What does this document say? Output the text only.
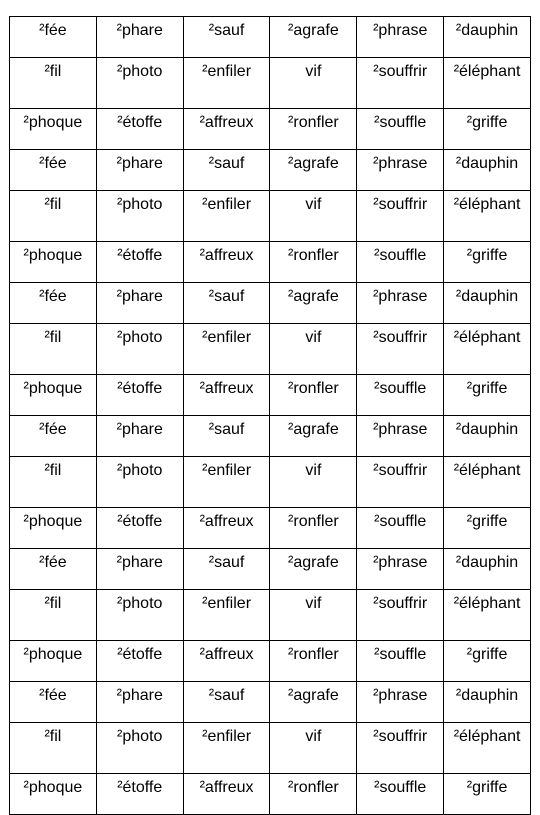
²fée	²phare	²sauf	²agrafe	²phrase	²dauphin
²fil	²photo	²enfiler	vif	²souffrir	²éléphant
²phoque	²étoffe	²affreux	²ronfler	²souffle	²griffe
²fée	²phare	²sauf	²agrafe	²phrase	²dauphin
²fil	²photo	²enfiler	vif	²souffrir	²éléphant
²phoque	²étoffe	²affreux	²ronfler	²souffle	²griffe
²fée	²phare	²sauf	²agrafe	²phrase	²dauphin
²fil	²photo	²enfiler	vif	²souffrir	²éléphant
²phoque	²étoffe	²affreux	²ronfler	²souffle	²griffe
²fée	²phare	²sauf	²agrafe	²phrase	²dauphin
²fil	²photo	²enfiler	vif	²souffrir	²éléphant
²phoque	²étoffe	²affreux	²ronfler	²souffle	²griffe
²fée	²phare	²sauf	²agrafe	²phrase	²dauphin
²fil	²photo	²enfiler	vif	²souffrir	²éléphant
²phoque	²étoffe	²affreux	²ronfler	²souffle	²griffe
²fée	²phare	²sauf	²agrafe	²phrase	²dauphin
²fil	²photo	²enfiler	vif	²souffrir	²éléphant
²phoque	²étoffe	²affreux	²ronfler	²souffle	²griffe
